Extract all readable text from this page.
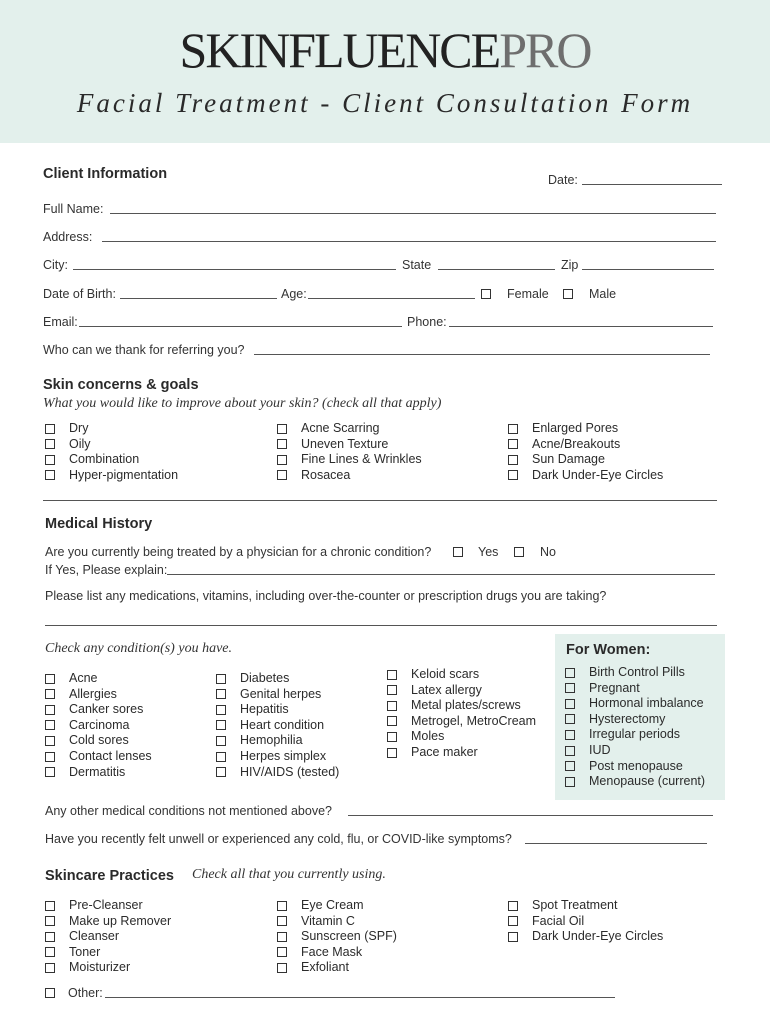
SKINFLUENCEPRO
Facial Treatment - Client Consultation Form
Client Information	Date:
Full Name:
Address:
City:	State	Zip
Date of Birth:	Age:	Female	Male
Email:	Phone:
Who can we thank for referring you?
Skin concerns & goals
What you would like to improve about your skin? (check all that apply)
Dry
Oily
Combination
Hyper-pigmentation
Acne Scarring
Uneven Texture
Fine Lines & Wrinkles
Rosacea
Enlarged Pores
Acne/Breakouts
Sun Damage
Dark Under-Eye Circles
Medical History
Are you currently being treated by a physician for a chronic condition?	Yes	No
If Yes, Please explain:
Please list any medications, vitamins, including over-the-counter or prescription drugs you are taking?
Check any condition(s) you have.
Acne
Allergies
Canker sores
Carcinoma
Cold sores
Contact lenses
Dermatitis
Diabetes
Genital herpes
Hepatitis
Heart condition
Hemophilia
Herpes simplex
HIV/AIDS (tested)
Keloid scars
Latex allergy
Metal plates/screws
Metrogel, MetroCream
Moles
Pace maker
For Women:
Birth Control Pills
Pregnant
Hormonal imbalance
Hysterectomy
Irregular periods
IUD
Post menopause
Menopause (current)
Any other medical conditions not mentioned above?
Have you recently felt unwell or experienced any cold, flu, or COVID-like symptoms?
Skincare Practices Check all that you currently using.
Pre-Cleanser
Make up Remover
Cleanser
Toner
Moisturizer
Eye Cream
Vitamin C
Sunscreen (SPF)
Face Mask
Exfoliant
Spot Treatment
Facial Oil
Dark Under-Eye Circles
Other:
